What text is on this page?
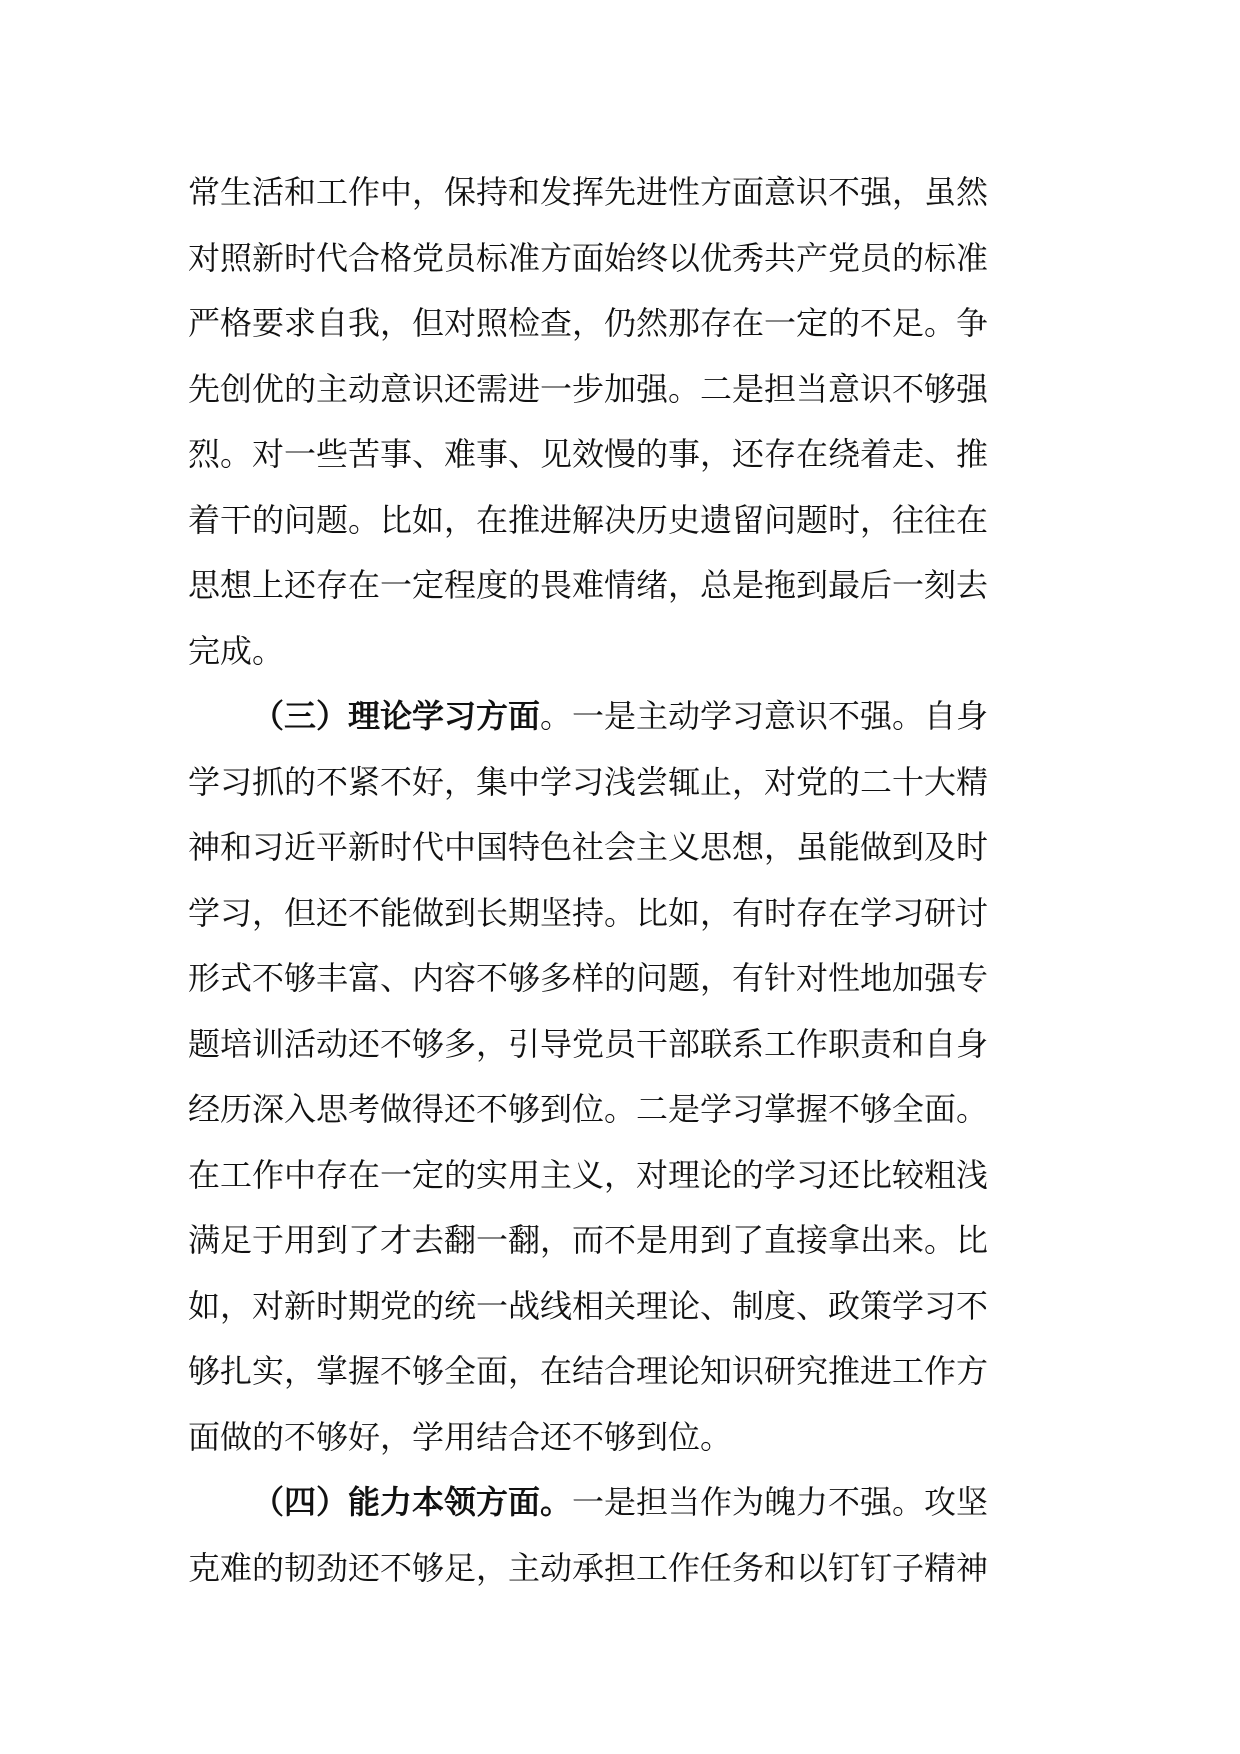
常生活和工作中，保持和发挥先进性方面意识不强，虽然
对照新时代合格党员标准方面始终以优秀共产党员的标准
严格要求自我，但对照检查，仍然那存在一定的不足。争
先创优的主动意识还需进一步加强。二是担当意识不够强
烈。对一些苦事、难事、见效慢的事，还存在绕着走、推
着干的问题。比如，在推进解决历史遗留问题时，往往在
思想上还存在一定程度的畏难情绪，总是拖到最后一刻去
完成。
（三）理论学习方面。一是主动学习意识不强。自身
学习抓的不紧不好，集中学习浅尝辄止，对党的二十大精
神和习近平新时代中国特色社会主义思想，虽能做到及时
学习，但还不能做到长期坚持。比如，有时存在学习研讨
形式不够丰富、内容不够多样的问题，有针对性地加强专
题培训活动还不够多，引导党员干部联系工作职责和自身
经历深入思考做得还不够到位。二是学习掌握不够全面。
在工作中存在一定的实用主义，对理论的学习还比较粗浅
满足于用到了才去翻一翻，而不是用到了直接拿出来。比
如，对新时期党的统一战线相关理论、制度、政策学习不
够扎实，掌握不够全面，在结合理论知识研究推进工作方
面做的不够好，学用结合还不够到位。
（四）能力本领方面。一是担当作为魄力不强。攻坚
克难的韧劲还不够足，主动承担工作任务和以钉钉子精神
